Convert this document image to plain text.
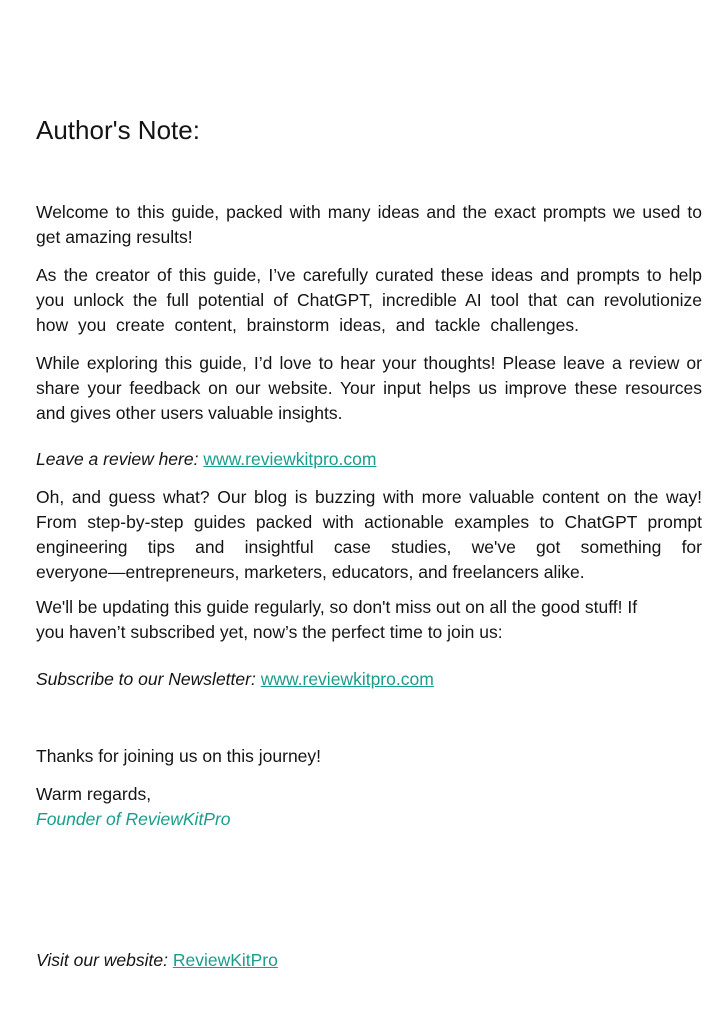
Author's Note:
Welcome to this guide, packed with many ideas and the exact prompts we used to
get amazing results!
As the creator of this guide, I’ve carefully curated these ideas and prompts to help
you unlock the full potential of ChatGPT, incredible AI tool that can revolutionize
how you create content, brainstorm ideas, and tackle challenges.
While exploring this guide, I’d love to hear your thoughts! Please leave a review or
share your feedback on our website. Your input helps us improve these resources
and gives other users valuable insights.
Leave a review here: www.reviewkitpro.com
Oh, and guess what? Our blog is buzzing with more valuable content on the way!
From step-by-step guides packed with actionable examples to ChatGPT prompt
engineering tips and insightful case studies, we've got something for
everyone—entrepreneurs, marketers, educators, and freelancers alike.
We'll be updating this guide regularly, so don't miss out on all the good stuff! If
you haven’t subscribed yet, now’s the perfect time to join us:
Subscribe to our Newsletter: www.reviewkitpro.com
Thanks for joining us on this journey!
Warm regards,
Founder of ReviewKitPro
Visit our website: ReviewKitPro
